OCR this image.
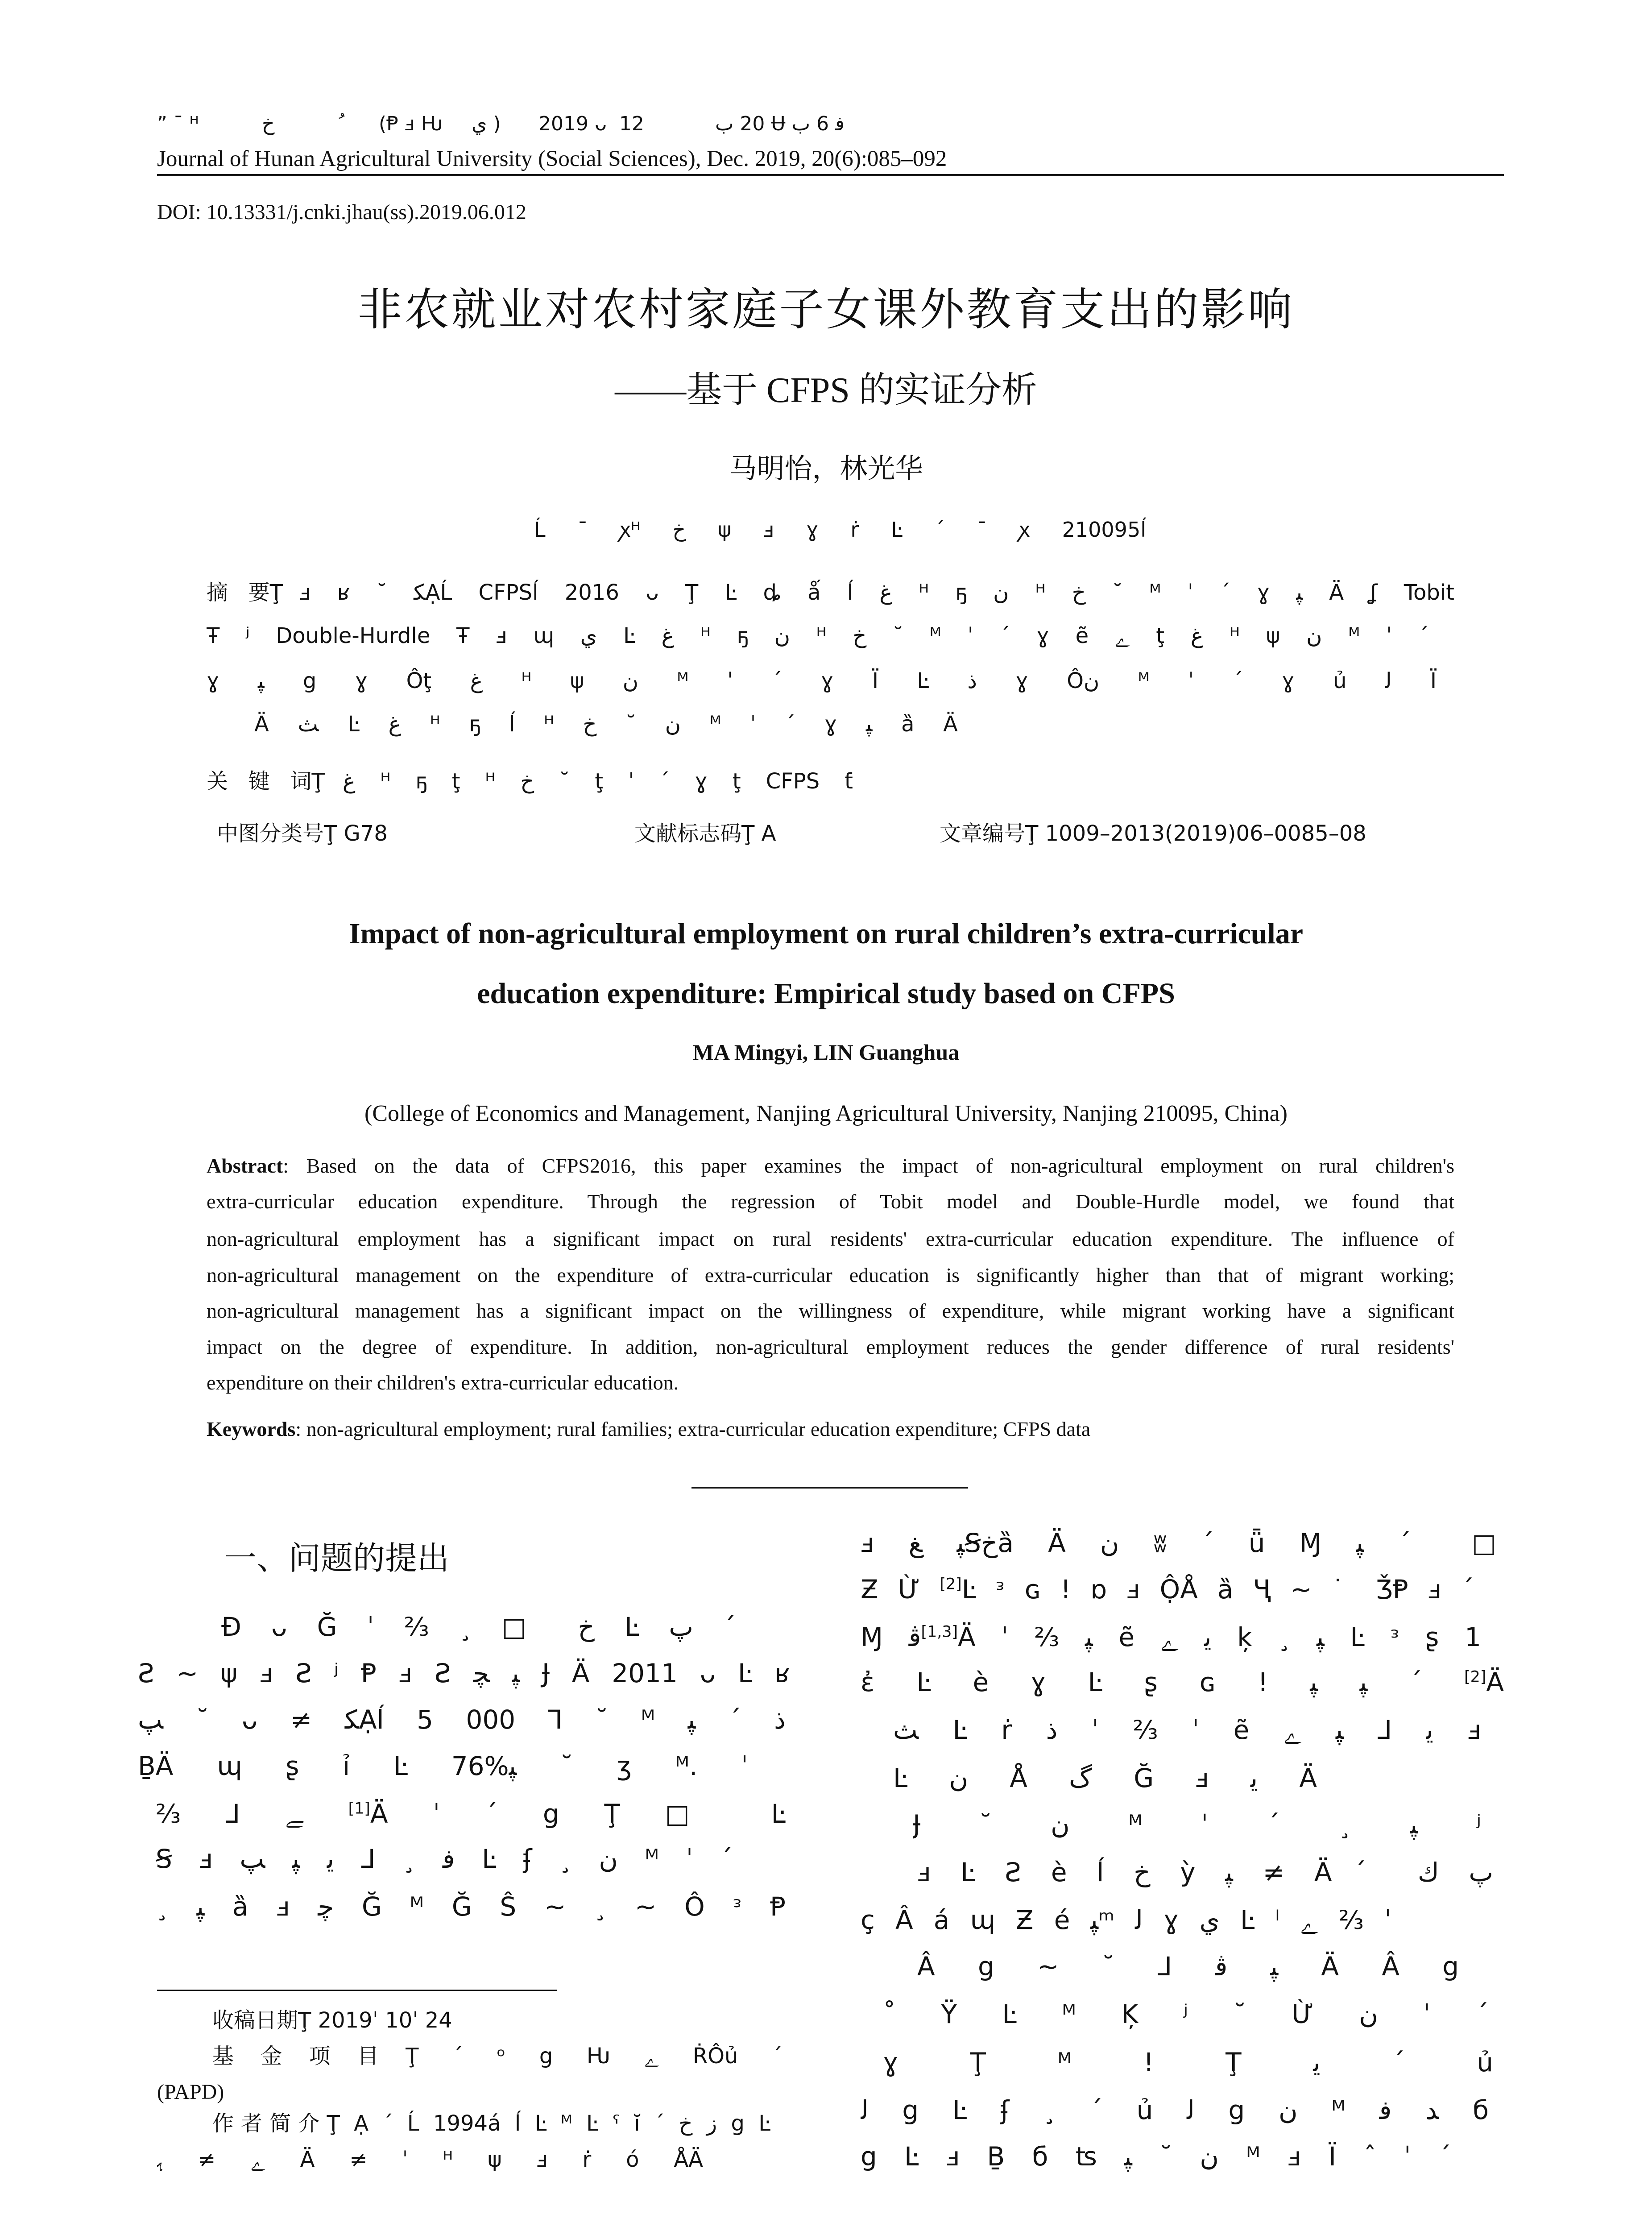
” ¯ ᴴ	ﺥ	(Ᵽ ⅎ Ƕ ﻱ ) 2019 ᴗ  12	ﺏ 20 Ʉ ﺏ 6 ﻓ
Journal of Hunan Agricultural University (Social Sciences), Dec. 2019, 20(6):085–092
DOI: 10.13331/j.cnki.jhau(ss).2019.06.012
非农就业对农村家庭子女课外教育支出的影响
——基于 CFPS 的实证分析
马明怡，林光华
Ĺ ¯ ꭗᴴ ﺥ ψ ⅎ ɣ ṙ Ŀ ´ ¯ ꭗ 210095ĺ
摘   要Ţ ⅎ ʁ ˘ ﻜẠĹ CFPSĺ 2016 ᴗ Ţ Ŀ ȡ ǻ ĺ ﻍ ᴴ ҕ ﻥ ᴴ ﺥ ˘ ᴹ ˈ ´ ɣ ﭙ Ä ʆ Tobit
Ŧ ʲ Double-Hurdle Ŧ ⅎ ɰ ﻱ Ŀ ﻍ ᴴ ҕ ﻥ ᴴ ﺥ ˘ ᴹ ˈ ´ ɣ ẽ ﮮ ţ ﻍ ᴴ ψ ﻥ ᴹ ˈ ´
ɣ ﭙ ց ɣ Ôţ ﻍ ᴴ ψ ﻥ ᴹ ˈ ´ ɣ Ï Ŀ ﺫ ɣ Ôﻥ ᴹ ˈ ´ ɣ ủ ﻟ Ï
Ä ﺚ Ŀ ﻍ ᴴ ҕ ĺ ᴴ ﺥ ˘ ﻥ ᴹ ˈ ´ ɣ ﭙ ȁ Ä
关   键   词Ţ ﻍ ᴴ ҕ ţ ᴴ ﺥ ˘ ţ ˈ ´ ɣ ţ CFPS ƭ
中图分类号Ţ G78	文献标志码Ţ A	文章编号Ţ 1009–2013(2019)06–0085–08
Impact of non-agricultural employment on rural children’s extra-curricular
education expenditure: Empirical study based on CFPS
MA Mingyi, LIN Guanghua
(College of Economics and Management, Nanjing Agricultural University, Nanjing 210095, China)
Abstract: Based on the data of CFPS2016, this paper examines the impact of non-agricultural employment on rural children's
extra-curricular education expenditure. Through the regression of Tobit model and Double-Hurdle model, we found that
non-agricultural employment has a significant impact on rural residents' extra-curricular education expenditure. The influence of
non-agricultural management on the expenditure of extra-curricular education is significantly higher than that of migrant working;
non-agricultural management has a significant impact on the willingness of expenditure, while migrant working have a significant
impact on the degree of expenditure. In addition, non-agricultural employment reduces the gender difference of rural residents'
expenditure on their children's extra-curricular education.
Keywords: non-agricultural employment; rural families; extra-curricular education expenditure; CFPS data
一、问题的提出
Ɖ ᴗ Ğ ˈ ⅔ ¸ □ ﺥ Ŀ ﭖ ´
Ƨ ~ ψ ⅎ Ƨ ʲ Ᵽ ⅎ Ƨ ﭽ ﭙ Ɉ Ä 2011 ᴗ Ŀ ʁ
ﭗ ˘ ᴗ ≠ ﻜẠĺ 5 000 Ꞁ ˘ ᴹ ﭙ ´ ﺫ
ḆÄ ɰ ʂ ỉ Ŀ 76%ﭙ ˘ ʒ ᴹ. ˈ
⅔ ⅃ ﮯ [1]Ä ˈ ´ ց Ţ □ Ŀ
Ꞩ ⅎ ﭗ ﭙ ﻳ ⅃ ¸ ﻓ Ŀ ʄ ¸ ﻥ ᴹ ˈ ´
¸ ﭙ ȁ ⅎ ﭼ Ğ ᴹ Ğ Ŝ ~ ¸ ~ Ô ᵌ Ᵽ
收稿日期Ţ 2019ˈ 10ˈ 24
基金项目Ţ ´ ᵒ ց Ƕ ﮮ ṘÔủ ´
(PAPD)
作者简介Ţ Ạ ´ Ĺ 1994á ĺ Ŀ ᴹ Ŀ ˁ ĭ ´ ﺥ ﺯ ց Ŀ
ﮨ ≠ ﮮ Ä ≠ ˈ ᴴ ψ ⅎ ṙ ó ÅÄ
ⅎ ﻎ ﭙꞨﺥȁ Ä ﻥ ʬ ´ ǖ Ɱ ﭙ ˊ □
Ƶ Ừ [2]Ŀ ᵌ ɢ ! ɒ ⅎ ỘÅ ȁ Ҷ ~ ˙ ǮⱣ ⅎ ´
Ɱ ﭬ[1,3]Ä ˈ ⅔ ﭙ ẽ ﮮ ﻳ ķ ¸ ﭙ Ŀ ᵌ ʂ 1
ἐ Ŀ è ɣ Ŀ ʂ ɢ ! ﭙ ﭙ ´ [2]Ä
ﺚ Ŀ ṙ ﺫ ˈ ⅔ ˈ ẽ ﮮ ﭙ ⅃ ﻳ ⅎ
Ŀ ﻥ Å گ Ğ ⅎ ﻳ Ä
Ɉ ˘ ﻥ ᴹ ˈ ´ ¸ ﭙ ʲ
ⅎ Ŀ Ƨ è ĺ ﺥ ỳ ﭙ ≠ Äˊ ﻙ ﭖ
ç Â á ɰ Ƶ é ﭙᵐ ﻟ ɣ ﻱ Ŀ ˡ ﮮ ⅔ ˈ
Â ց ~ ˘ ⅃ ﭬ ﭙ Ä Â ց
˚ Ÿ Ŀ ᴹ Ķ ʲ ˘ Ừ ﻥ ˈ ´
ɣ Ţ ᴹ ! Ţ ﻳ ´ ủ
ﻟ ց Ŀ ʄ ¸ ´ ủ ﻟ ց ﻥ ᴹ ﻓ ﺪ б
ց Ŀ ⅎ Ḇ б ʦ ﭙ ˘ ﻥ ᴹ ⅎ Ï ˆ ˈ ´
